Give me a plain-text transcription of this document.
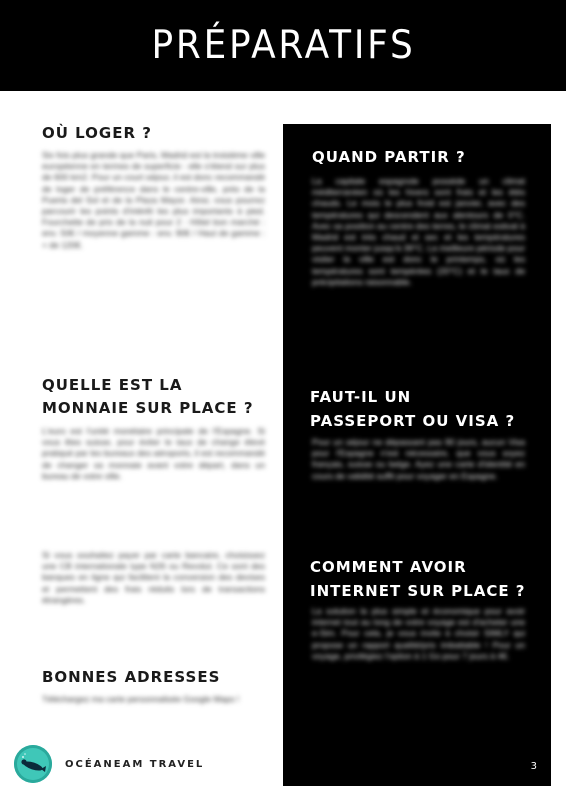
PRÉPARATIFS
OÙ LOGER ?

Six fois plus grande que Paris, Madrid est la troisième ville européenne en termes de superficie : elle s'étend sur plus de 600 km2. Pour un court séjour, il est donc recommandé de loger de préférence dans le centre-ville, près de la Puerta del Sol et de la Plaza Mayor. Ainsi, vous pourrez parcourir les points d'intérêt les plus importants à pied. Fourchette de prix de la nuit pour 2 : Hôtel bon marché : env. 50€ / moyenne gamme : env. 90€ / Haut de gamme : + de 120€.

QUELLE EST LA
MONNAIE SUR PLACE ?

L'euro est l'unité monétaire principale de l'Espagne. Si vous êtes suisse, pour éviter le taux de change élevé pratiqué par les bureaux des aéroports, il est recommandé de changer sa monnaie avant votre départ, dans un bureau de votre ville.

Si vous souhaitez payer par carte bancaire, choisissez une CB internationale type N26 ou Revolut. Ce sont des banques en ligne qui facilitent la conversion des devises et permettent des frais réduits lors de transactions étrangères.

BONNES ADRESSES

Téléchargez ma carte personnalisée Google Maps !

QUAND PARTIR ?

La capitale espagnole possède un climat méditerranéen où les hivers sont frais et les étés chauds. Le mois le plus froid est janvier, avec des températures qui descendent aux alentours de 0°C. Avec sa position au centre des terres, le climat estival à Madrid est très chaud et sec et les températures peuvent monter jusqu'à 39°C. La meilleure période pour visiter la ville est donc le printemps, où les températures sont tempérées (20°C) et le taux de précipitations raisonnable.

FAUT-IL UN
PASSEPORT OU VISA ?

Pour un séjour ne dépassant pas 90 jours, aucun Visa pour l'Espagne n'est nécessaire, que vous soyez français, suisse ou belge. Ayez une carte d'identité en cours de validité suffit pour voyager en Espagne.

COMMENT AVOIR
INTERNET SUR PLACE ?

La solution la plus simple et économique pour avoir internet tout au long de votre voyage est d'acheter une e-Sim. Pour cela, je vous invite à choisir SIMLY qui propose un rapport qualité/prix imbattable ! Pour un voyage, privilégiez l'option à 1 Go pour 7 jours à 4€.

3
OCÉANEAM TRAVEL
